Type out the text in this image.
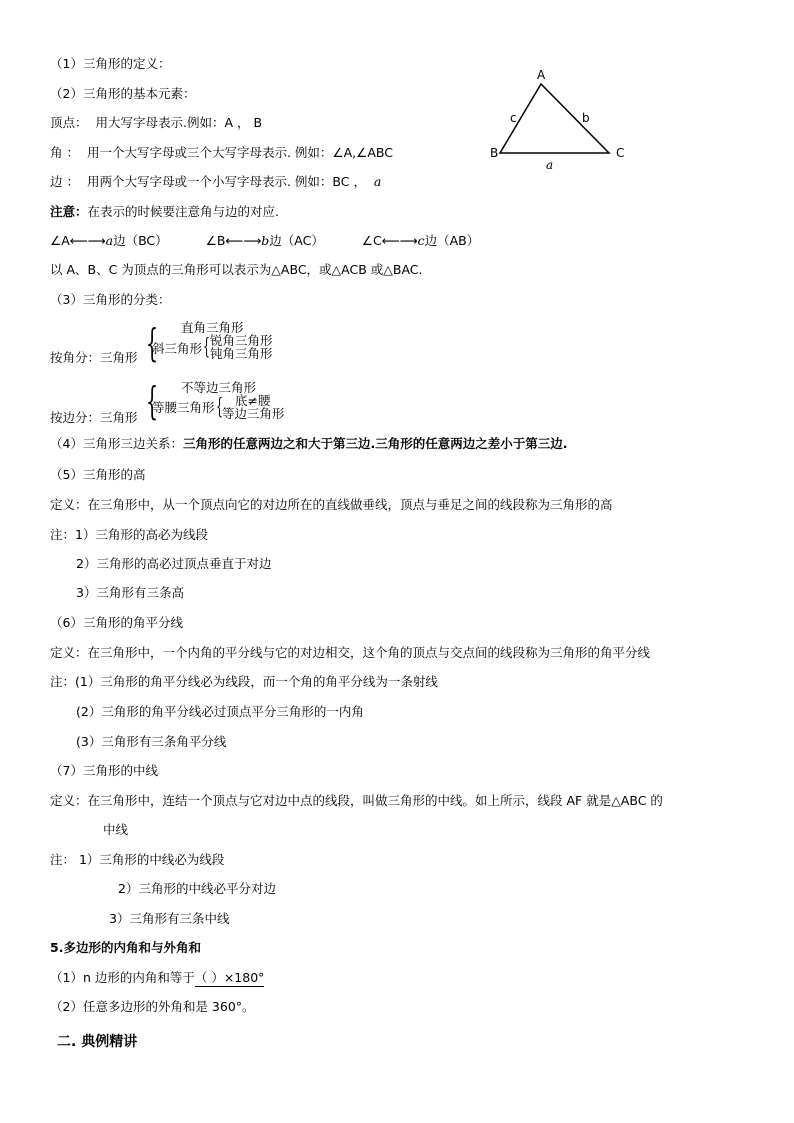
A
B	C
c	b
a
（1）三角形的定义：
（2）三角形的基本元素：
顶点： 用大写字母表示.例如：A ， B
角 ： 用一个大写字母或三个大写字母表示. 例如：∠A,∠ABC
边 ： 用两个大写字母或一个小写字母表示. 例如：BC ， a
注意：在表示的时候要注意角与边的对应.
∠A⟵⟶a边（BC）	∠B⟵⟶b边（AC）	∠C⟵⟶c边（AB）
以 A、B、C 为顶点的三角形可以表示为△ABC，或△ACB 或△BAC.
（3）三角形的分类：
按角分：三角形 { 直角三角形
斜三角形 { 锐角三角形
钝角三角形
按边分：三角形 { 不等边三角形
等腰三角形 { 底≠腰
等边三角形
（4）三角形三边关系：三角形的任意两边之和大于第三边.三角形的任意两边之差小于第三边.
（5）三角形的高
定义：在三角形中，从一个顶点向它的对边所在的直线做垂线，顶点与垂足之间的线段称为三角形的高
注：1）三角形的高必为线段
2）三角形的高必过顶点垂直于对边
3）三角形有三条高
（6）三角形的角平分线
定义：在三角形中，一个内角的平分线与它的对边相交，这个角的顶点与交点间的线段称为三角形的角平分线
注：(1）三角形的角平分线必为线段，而一个角的角平分线为一条射线
(2）三角形的角平分线必过顶点平分三角形的一内角
(3）三角形有三条角平分线
（7）三角形的中线
定义：在三角形中，连结一个顶点与它对边中点的线段，叫做三角形的中线。如上所示，线段 AF 就是△ABC 的
中线
注： 1）三角形的中线必为线段
2）三角形的中线必平分对边
3）三角形有三条中线
5.多边形的内角和与外角和
（1）n 边形的内角和等于（ ）×180°
（2）任意多边形的外角和是 360°。
二. 典例精讲
